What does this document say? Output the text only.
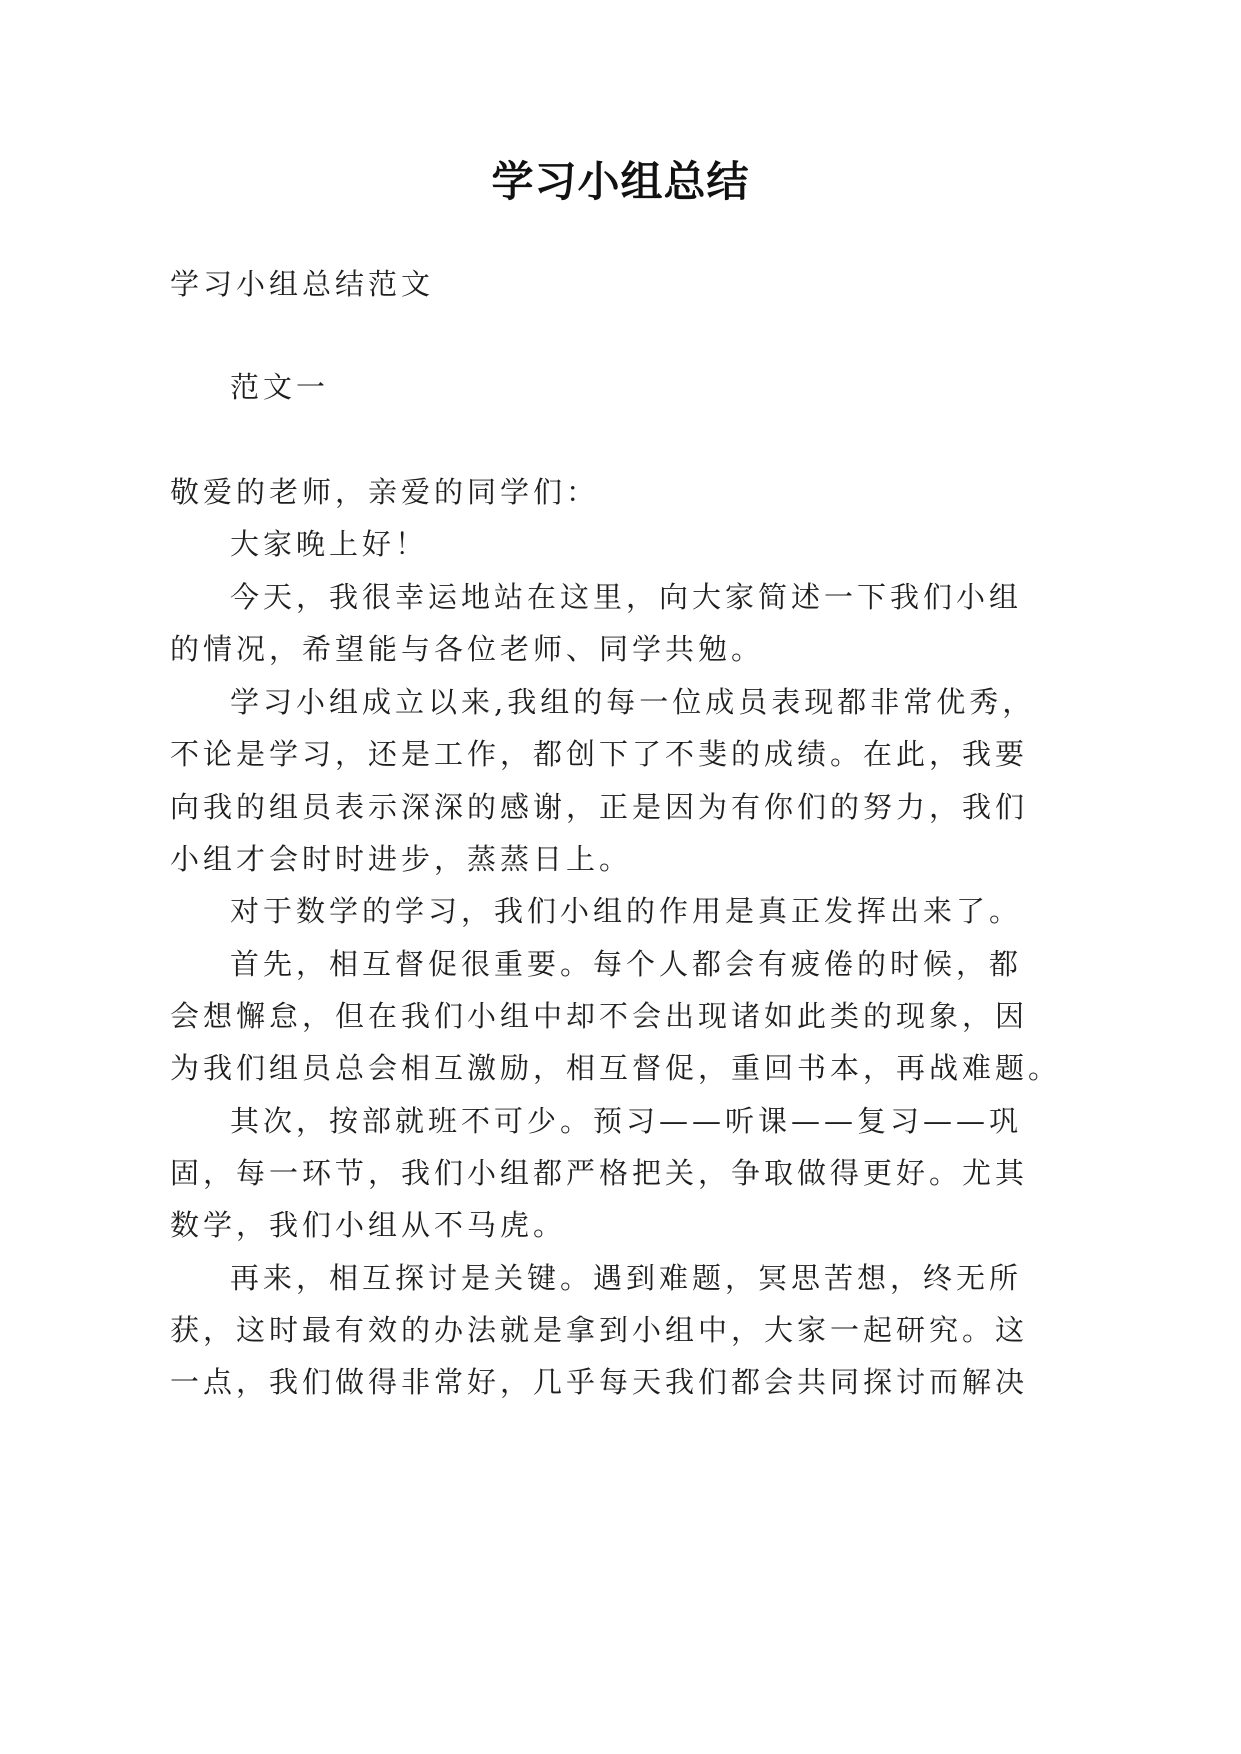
学习小组总结
学习小组总结范文
范文一
敬爱的老师，亲爱的同学们：
大家晚上好！
今天，我很幸运地站在这里，向大家简述一下我们小组
的情况，希望能与各位老师、同学共勉。
学习小组成立以来,我组的每一位成员表现都非常优秀，
不论是学习，还是工作，都创下了不斐的成绩。在此，我要
向我的组员表示深深的感谢，正是因为有你们的努力，我们
小组才会时时进步，蒸蒸日上。
对于数学的学习，我们小组的作用是真正发挥出来了。
首先，相互督促很重要。每个人都会有疲倦的时候，都
会想懈怠，但在我们小组中却不会出现诸如此类的现象，因
为我们组员总会相互激励，相互督促，重回书本，再战难题。
其次，按部就班不可少。预习——听课——复习——巩
固，每一环节，我们小组都严格把关，争取做得更好。尤其
数学，我们小组从不马虎。
再来，相互探讨是关键。遇到难题，冥思苦想，终无所
获，这时最有效的办法就是拿到小组中，大家一起研究。这
一点，我们做得非常好，几乎每天我们都会共同探讨而解决
